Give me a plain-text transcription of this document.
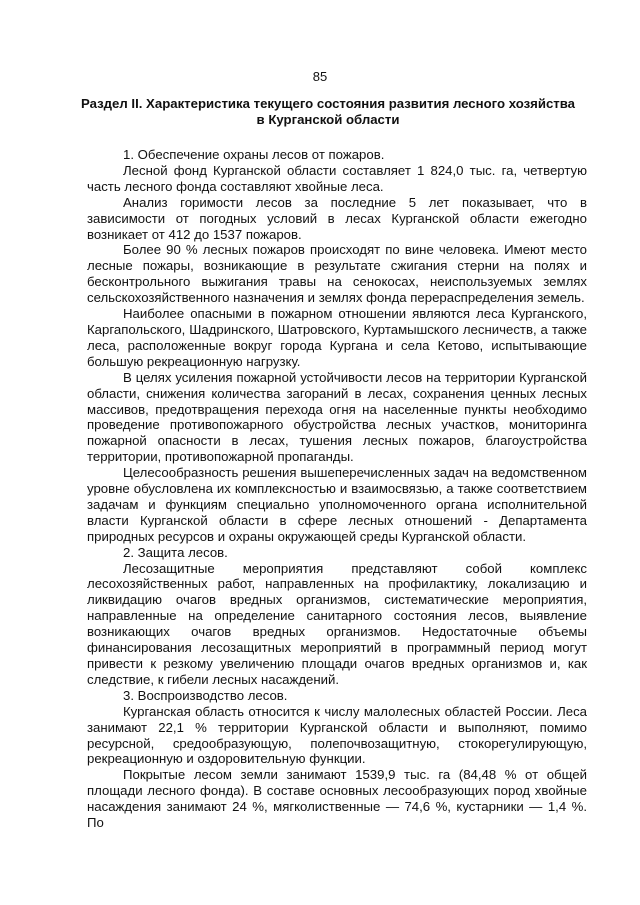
85
Раздел II. Характеристика текущего состояния развития лесного хозяйства
в Курганской области

1. Обеспечение охраны лесов от пожаров.

Лесной фонд Курганской области составляет 1 824,0 тыс. га, четвертую часть лесного фонда составляют хвойные леса.

Анализ горимости лесов за последние 5 лет показывает, что в зависимости от погодных условий в лесах Курганской области ежегодно возникает от 412 до 1537 пожаров.

Более 90 % лесных пожаров происходят по вине человека. Имеют место лесные пожары, возникающие в результате сжигания стерни на полях и бесконтрольного выжигания травы на сенокосах, неиспользуемых землях сельскохозяйственного назначения и землях фонда перераспределения земель.

Наиболее опасными в пожарном отношении являются леса Курганского, Каргапольского, Шадринского, Шатровского, Куртамышского лесничеств, а также леса, расположенные вокруг города Кургана и села Кетово, испытывающие большую рекреационную нагрузку.

В целях усиления пожарной устойчивости лесов на территории Курганской области, снижения количества загораний в лесах, сохранения ценных лесных массивов, предотвращения перехода огня на населенные пункты необходимо проведение противопожарного обустройства лесных участков, мониторинга пожарной опасности в лесах, тушения лесных пожаров, благоустройства территории, противопожарной пропаганды.

Целесообразность решения вышеперечисленных задач на ведомственном уровне обусловлена их комплексностью и взаимосвязью, а также соответствием задачам и функциям специально уполномоченного органа исполнительной власти Курганской области в сфере лесных отношений - Департамента природных ресурсов и охраны окружающей среды Курганской области.

2. Защита лесов.

Лесозащитные мероприятия представляют собой комплекс лесохозяйственных работ, направленных на профилактику, локализацию и ликвидацию очагов вредных организмов, систематические мероприятия, направленные на определение санитарного состояния лесов, выявление возникающих очагов вредных организмов. Недостаточные объемы финансирования лесозащитных мероприятий в программный период могут привести к резкому увеличению площади очагов вредных организмов и, как следствие, к гибели лесных насаждений.

3. Воспроизводство лесов.

Курганская область относится к числу малолесных областей России. Леса занимают 22,1 % территории Курганской области и выполняют, помимо ресурсной, средообразующую, полепочвозащитную, стокорегулирующую, рекреационную и оздоровительную функции.

Покрытые лесом земли занимают 1539,9 тыс. га (84,48 % от общей площади лесного фонда). В составе основных лесообразующих пород хвойные насаждения занимают 24 %, мягколиственные — 74,6 %, кустарники — 1,4 %. По
